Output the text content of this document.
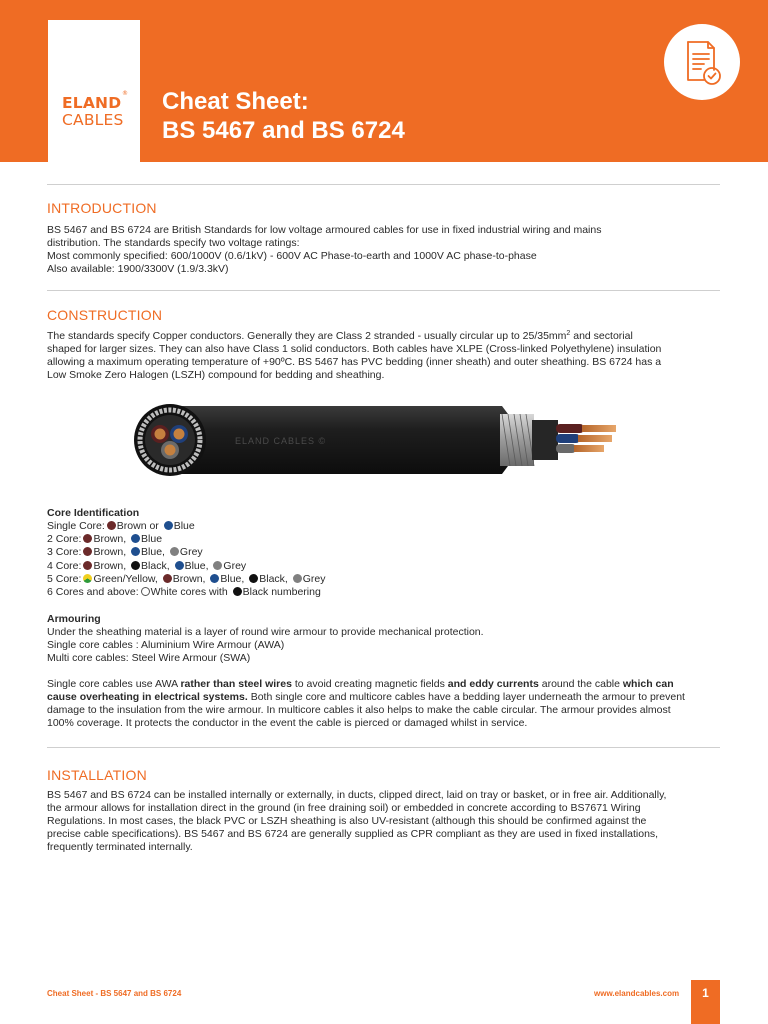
ELAND
®
CABLES
Cheat Sheet:
BS 5467 and BS 6724
INTRODUCTION

BS 5467 and BS 6724 are British Standards for low voltage armoured cables for use in fixed industrial wiring and mains

distribution. The standards specify two voltage ratings:

Most commonly specified: 600/1000V (0.6/1kV) - 600V AC Phase-to-earth and 1000V AC phase-to-phase

Also available: 1900/3300V (1.9/3.3kV)

CONSTRUCTION

The standards specify Copper conductors. Generally they are Class 2 stranded - usually circular up to $25/35mm^2$ and sectorial

shaped for larger sizes. They can also have Class 1 solid conductors. Both cables have XLPE (Cross-linked Polyethylene) insulation

allowing a maximum operating temperature of +90ºC. BS 5467 has PVC bedding (inner sheath) and outer sheathing. BS 6724 has a

Low Smoke Zero Halogen (LSZH) compound for bedding and sheathing.

ELAND CABLES ©
Core Identification
Single Core: Brown or Blue
2 Core: Brown, Blue
3 Core: Brown, Blue, Grey
4 Core: Brown, Black, Blue, Grey
5 Core: Green/Yellow, Brown, Blue, Black, Grey
6 Cores and above: White cores with Black numbering
Armouring

Under the sheathing material is a layer of round wire armour to provide mechanical protection.

Single core cables : Aluminium Wire Armour (AWA)

Multi core cables: Steel Wire Armour (SWA)

Single core cables use AWA rather than steel wires to avoid creating magnetic fields and eddy currents around the cable which can

cause overheating in electrical systems. Both single core and multicore cables have a bedding layer underneath the armour to prevent

damage to the insulation from the wire armour. In multicore cables it also helps to make the cable circular. The armour provides almost

100% coverage. It protects the conductor in the event the cable is pierced or damaged whilst in service.

INSTALLATION

BS 5467 and BS 6724 can be installed internally or externally, in ducts, clipped direct, laid on tray or basket, or in free air. Additionally,

the armour allows for installation direct in the ground (in free draining soil) or embedded in concrete according to BS7671 Wiring

Regulations. In most cases, the black PVC or LSZH sheathing is also UV-resistant (although this should be confirmed against the

precise cable specifications). BS 5467 and BS 6724 are generally supplied as CPR compliant as they are used in fixed installations,

frequently terminated internally.

Cheat Sheet - BS 5647 and BS 6724	www.elandcables.com	1
